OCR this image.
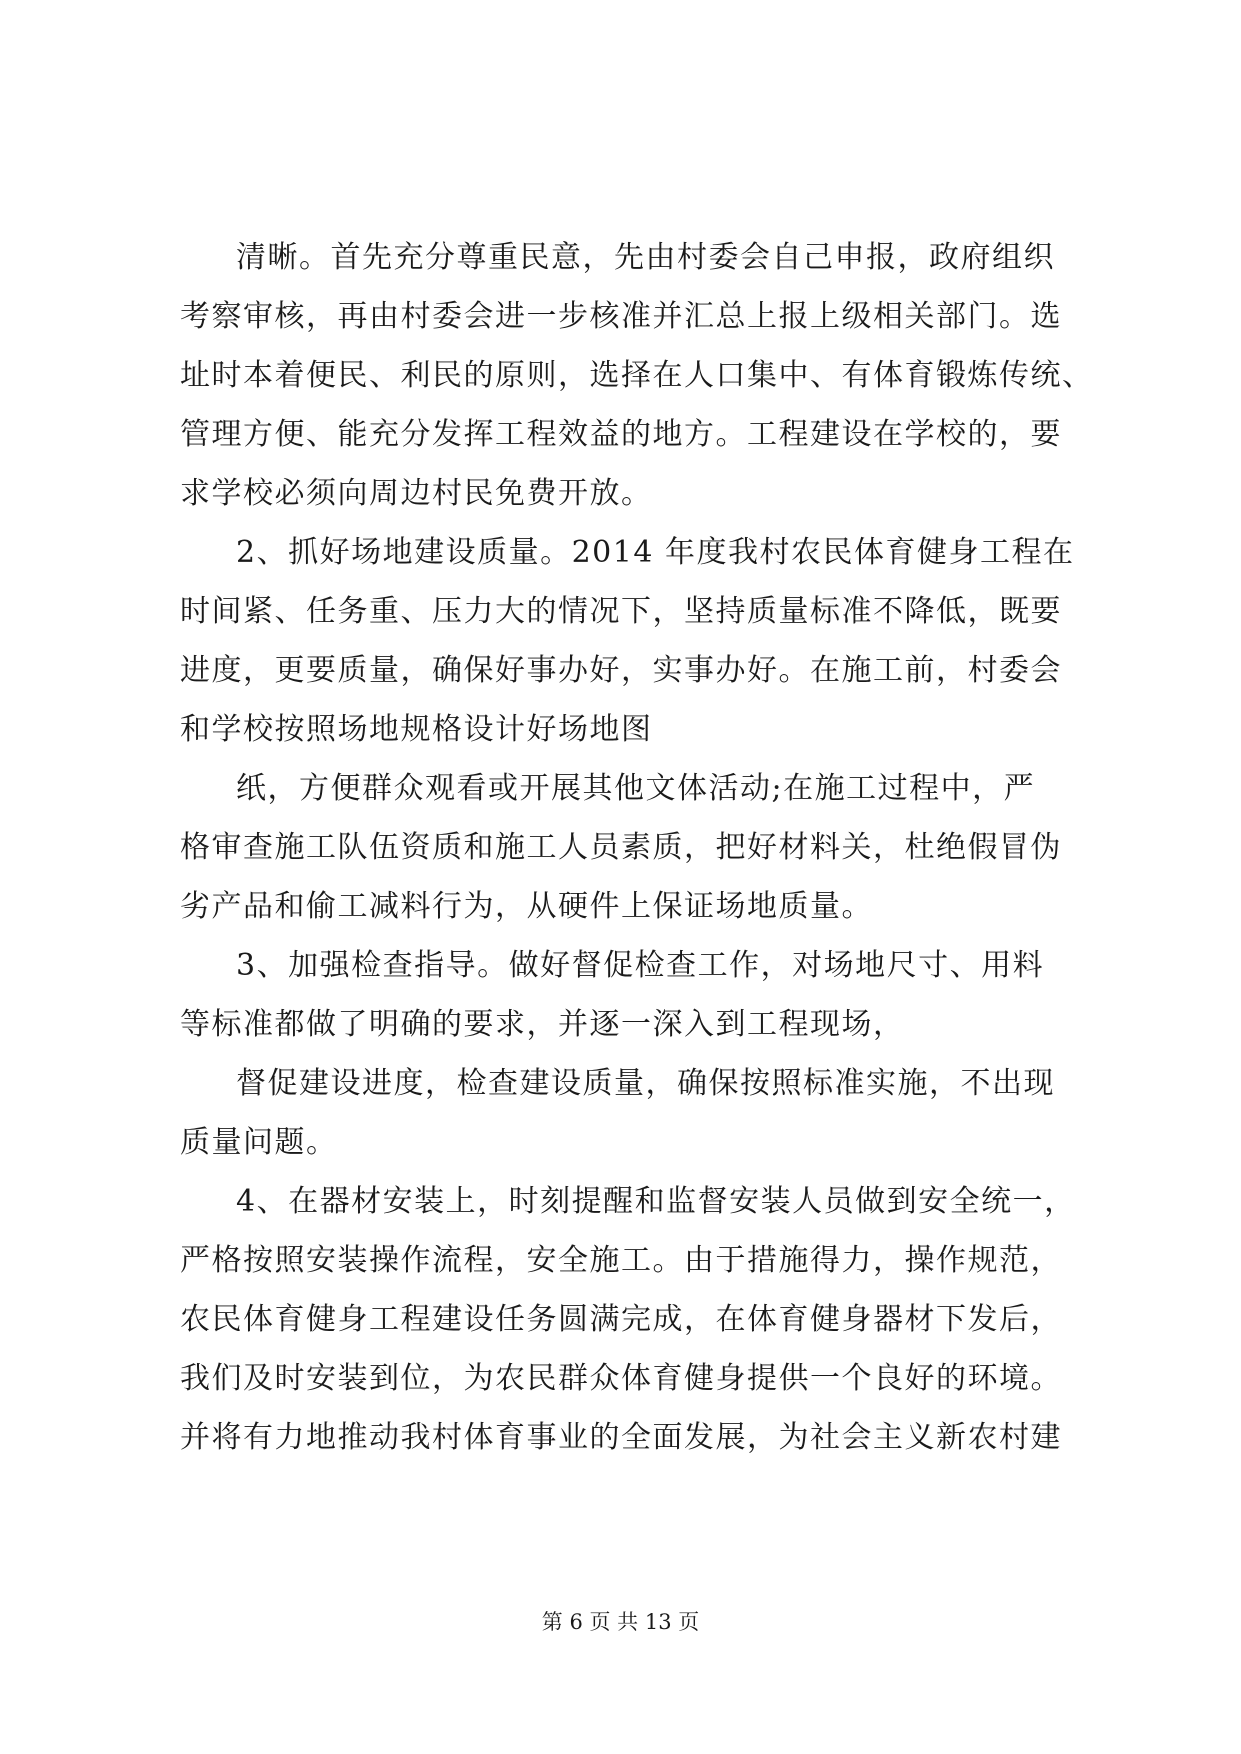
清晰。首先充分尊重民意，先由村委会自己申报，政府组织
考察审核，再由村委会进一步核准并汇总上报上级相关部门。选
址时本着便民、利民的原则，选择在人口集中、有体育锻炼传统、
管理方便、能充分发挥工程效益的地方。工程建设在学校的，要
求学校必须向周边村民免费开放。
2、抓好场地建设质量。2014 年度我村农民体育健身工程在
时间紧、任务重、压力大的情况下，坚持质量标准不降低，既要
进度，更要质量，确保好事办好，实事办好。在施工前，村委会
和学校按照场地规格设计好场地图
纸，方便群众观看或开展其他文体活动;在施工过程中，严
格审查施工队伍资质和施工人员素质，把好材料关，杜绝假冒伪
劣产品和偷工减料行为，从硬件上保证场地质量。
3、加强检查指导。做好督促检查工作，对场地尺寸、用料
等标准都做了明确的要求，并逐一深入到工程现场，
督促建设进度，检查建设质量，确保按照标准实施，不出现
质量问题。
4、在器材安装上，时刻提醒和监督安装人员做到安全统一，
严格按照安装操作流程，安全施工。由于措施得力，操作规范，
农民体育健身工程建设任务圆满完成，在体育健身器材下发后，
我们及时安装到位，为农民群众体育健身提供一个良好的环境。
并将有力地推动我村体育事业的全面发展，为社会主义新农村建
第 6 页 共 13 页
